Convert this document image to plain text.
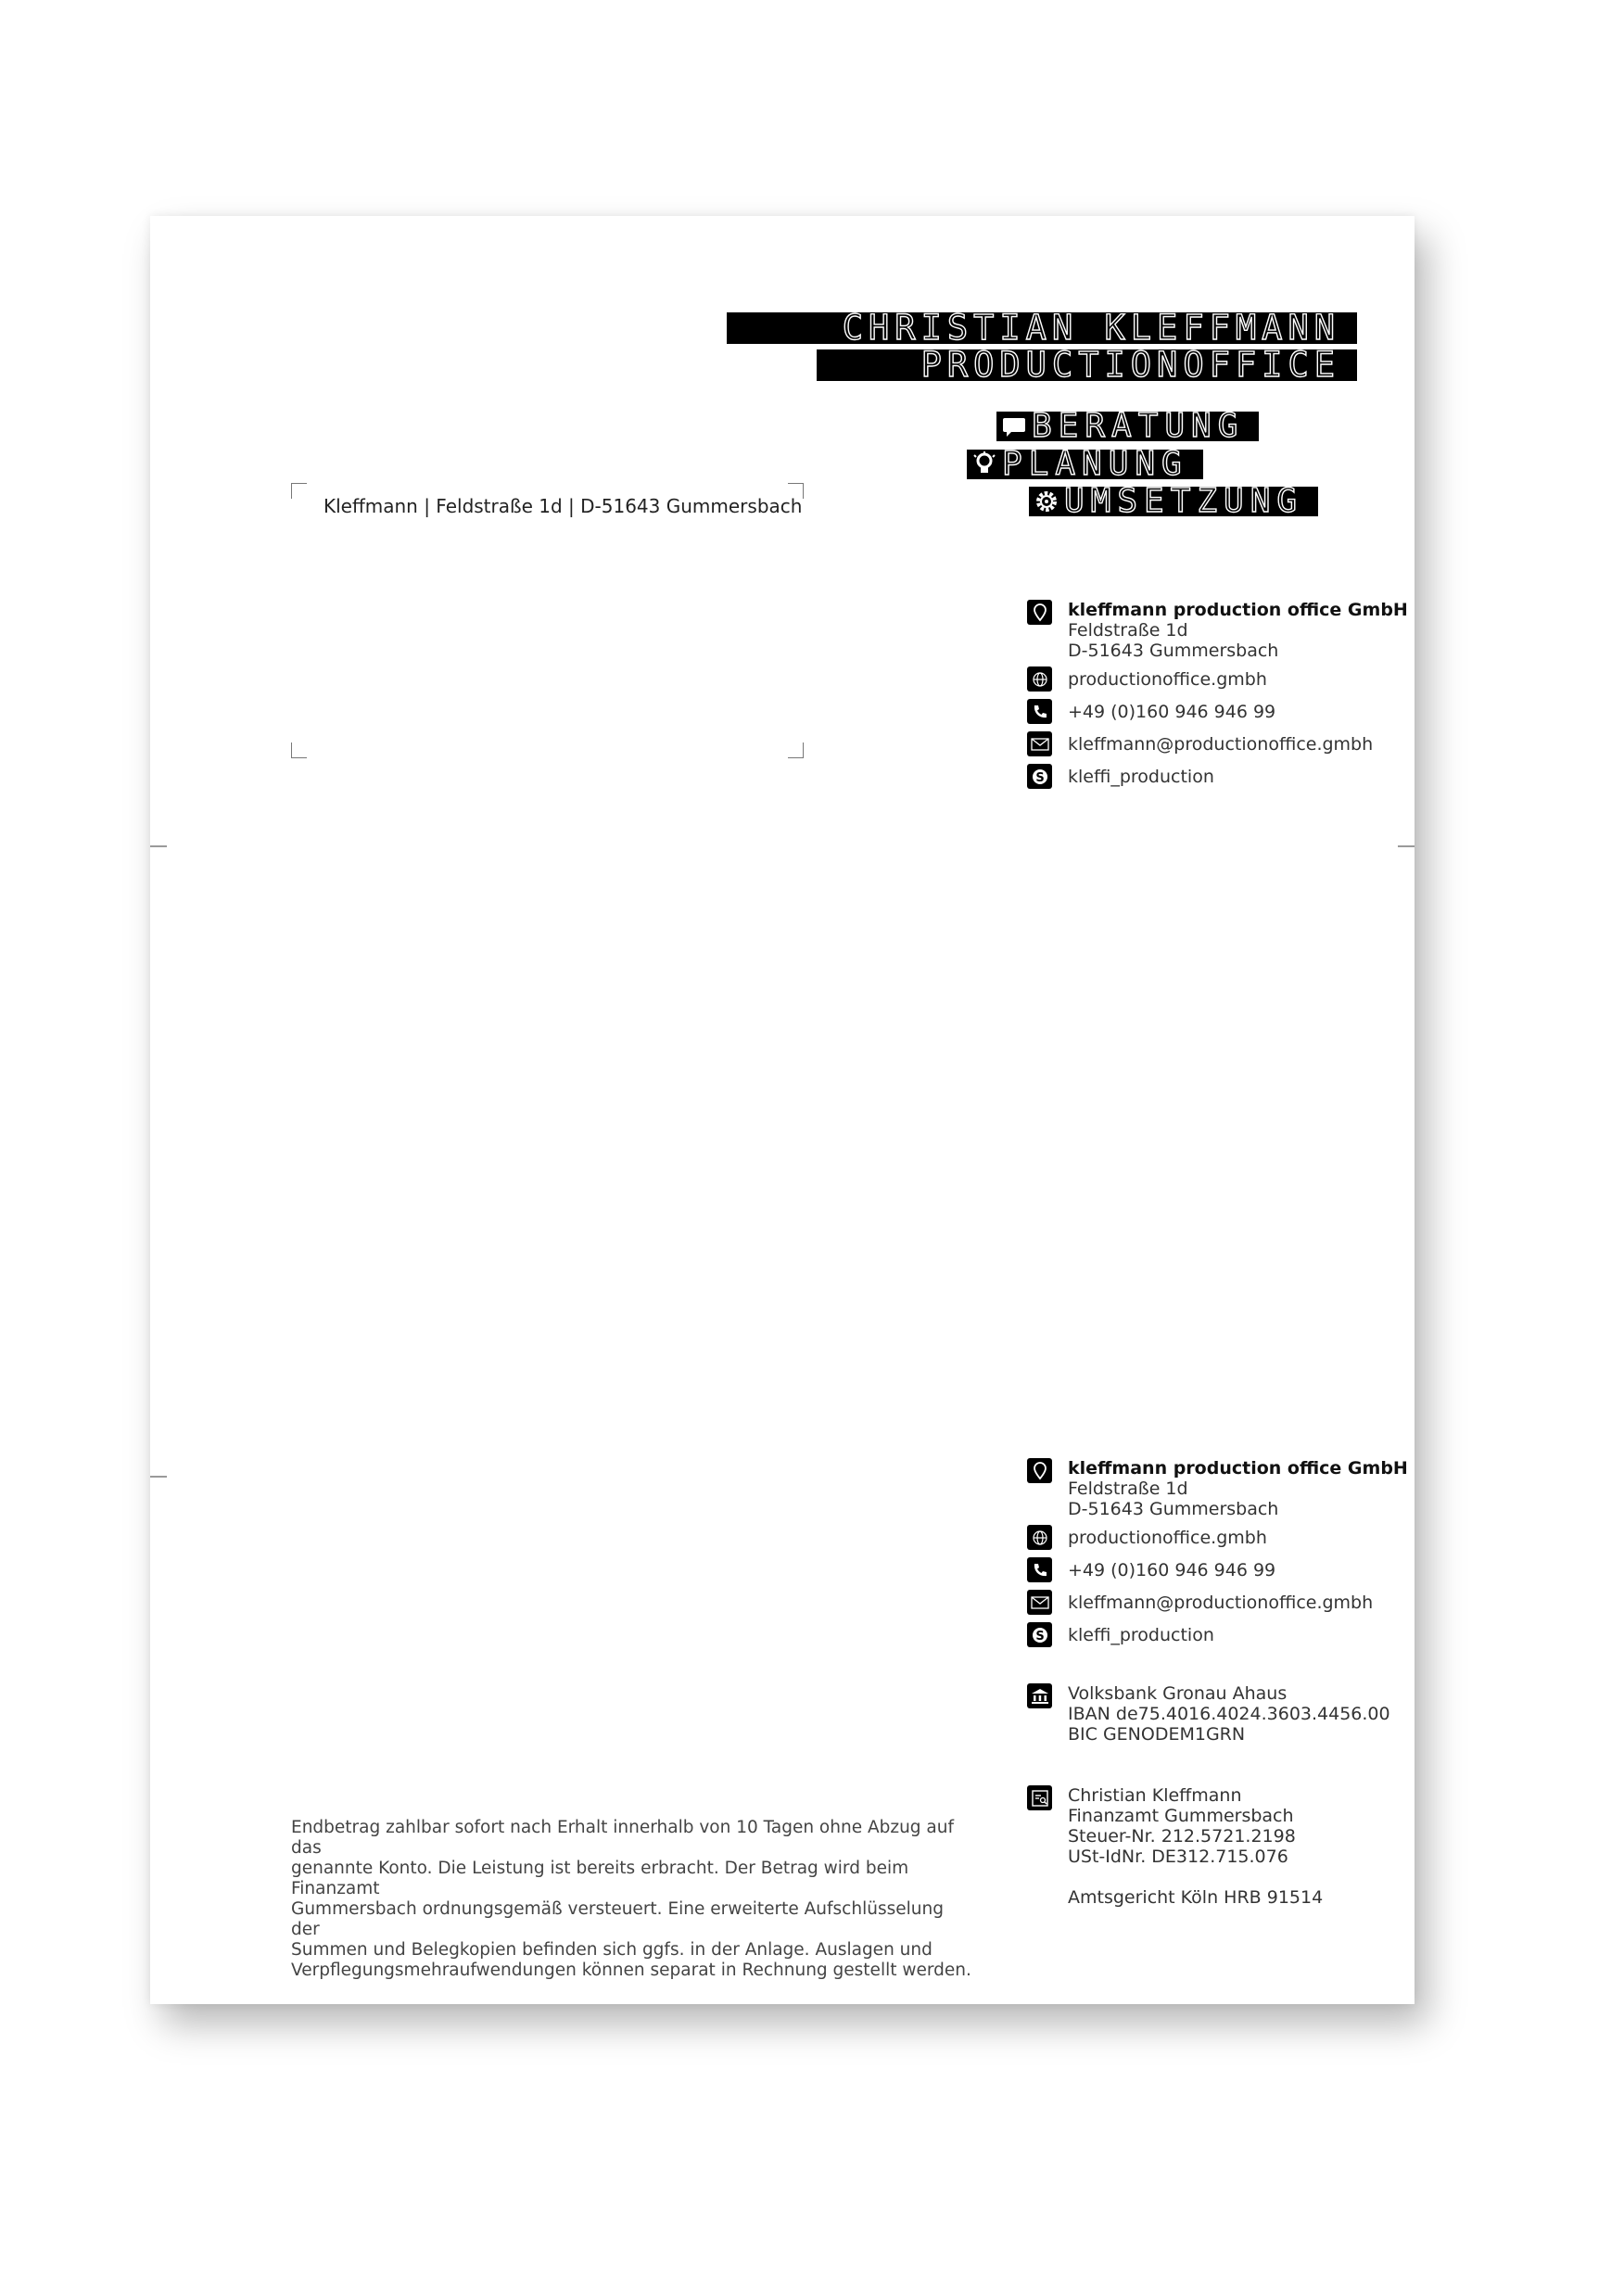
CHRISTIAN KLEFFMANN
PRODUCTIONOFFICE
BERATUNG
PLANUNG
UMSETZUNG
Kleffmann | Feldstraße 1d | D-51643 Gummersbach
kleffmann production office GmbH
Feldstraße 1d
D-51643 Gummersbach
productionoffice.gmbh
+49 (0)160 946 946 99
kleffmann@productionoffice.gmbh
S kleffi_production
kleffmann production office GmbH
Feldstraße 1d
D-51643 Gummersbach
productionoffice.gmbh
+49 (0)160 946 946 99
kleffmann@productionoffice.gmbh
S kleffi_production
Volksbank Gronau Ahaus
IBAN de75.4016.4024.3603.4456.00
BIC GENODEM1GRN
Christian Kleffmann
Finanzamt Gummersbach
Steuer-Nr. 212.5721.2198
USt-IdNr. DE312.715.076

Amtsgericht Köln HRB 91514
Endbetrag zahlbar sofort nach Erhalt innerhalb von 10 Tagen ohne Abzug auf das
genannte Konto. Die Leistung ist bereits erbracht. Der Betrag wird beim Finanzamt
Gummersbach ordnungsgemäß versteuert. Eine erweiterte Aufschlüsselung der
Summen und Belegkopien befinden sich ggfs. in der Anlage. Auslagen und
Verpflegungsmehraufwendungen können separat in Rechnung gestellt werden.
